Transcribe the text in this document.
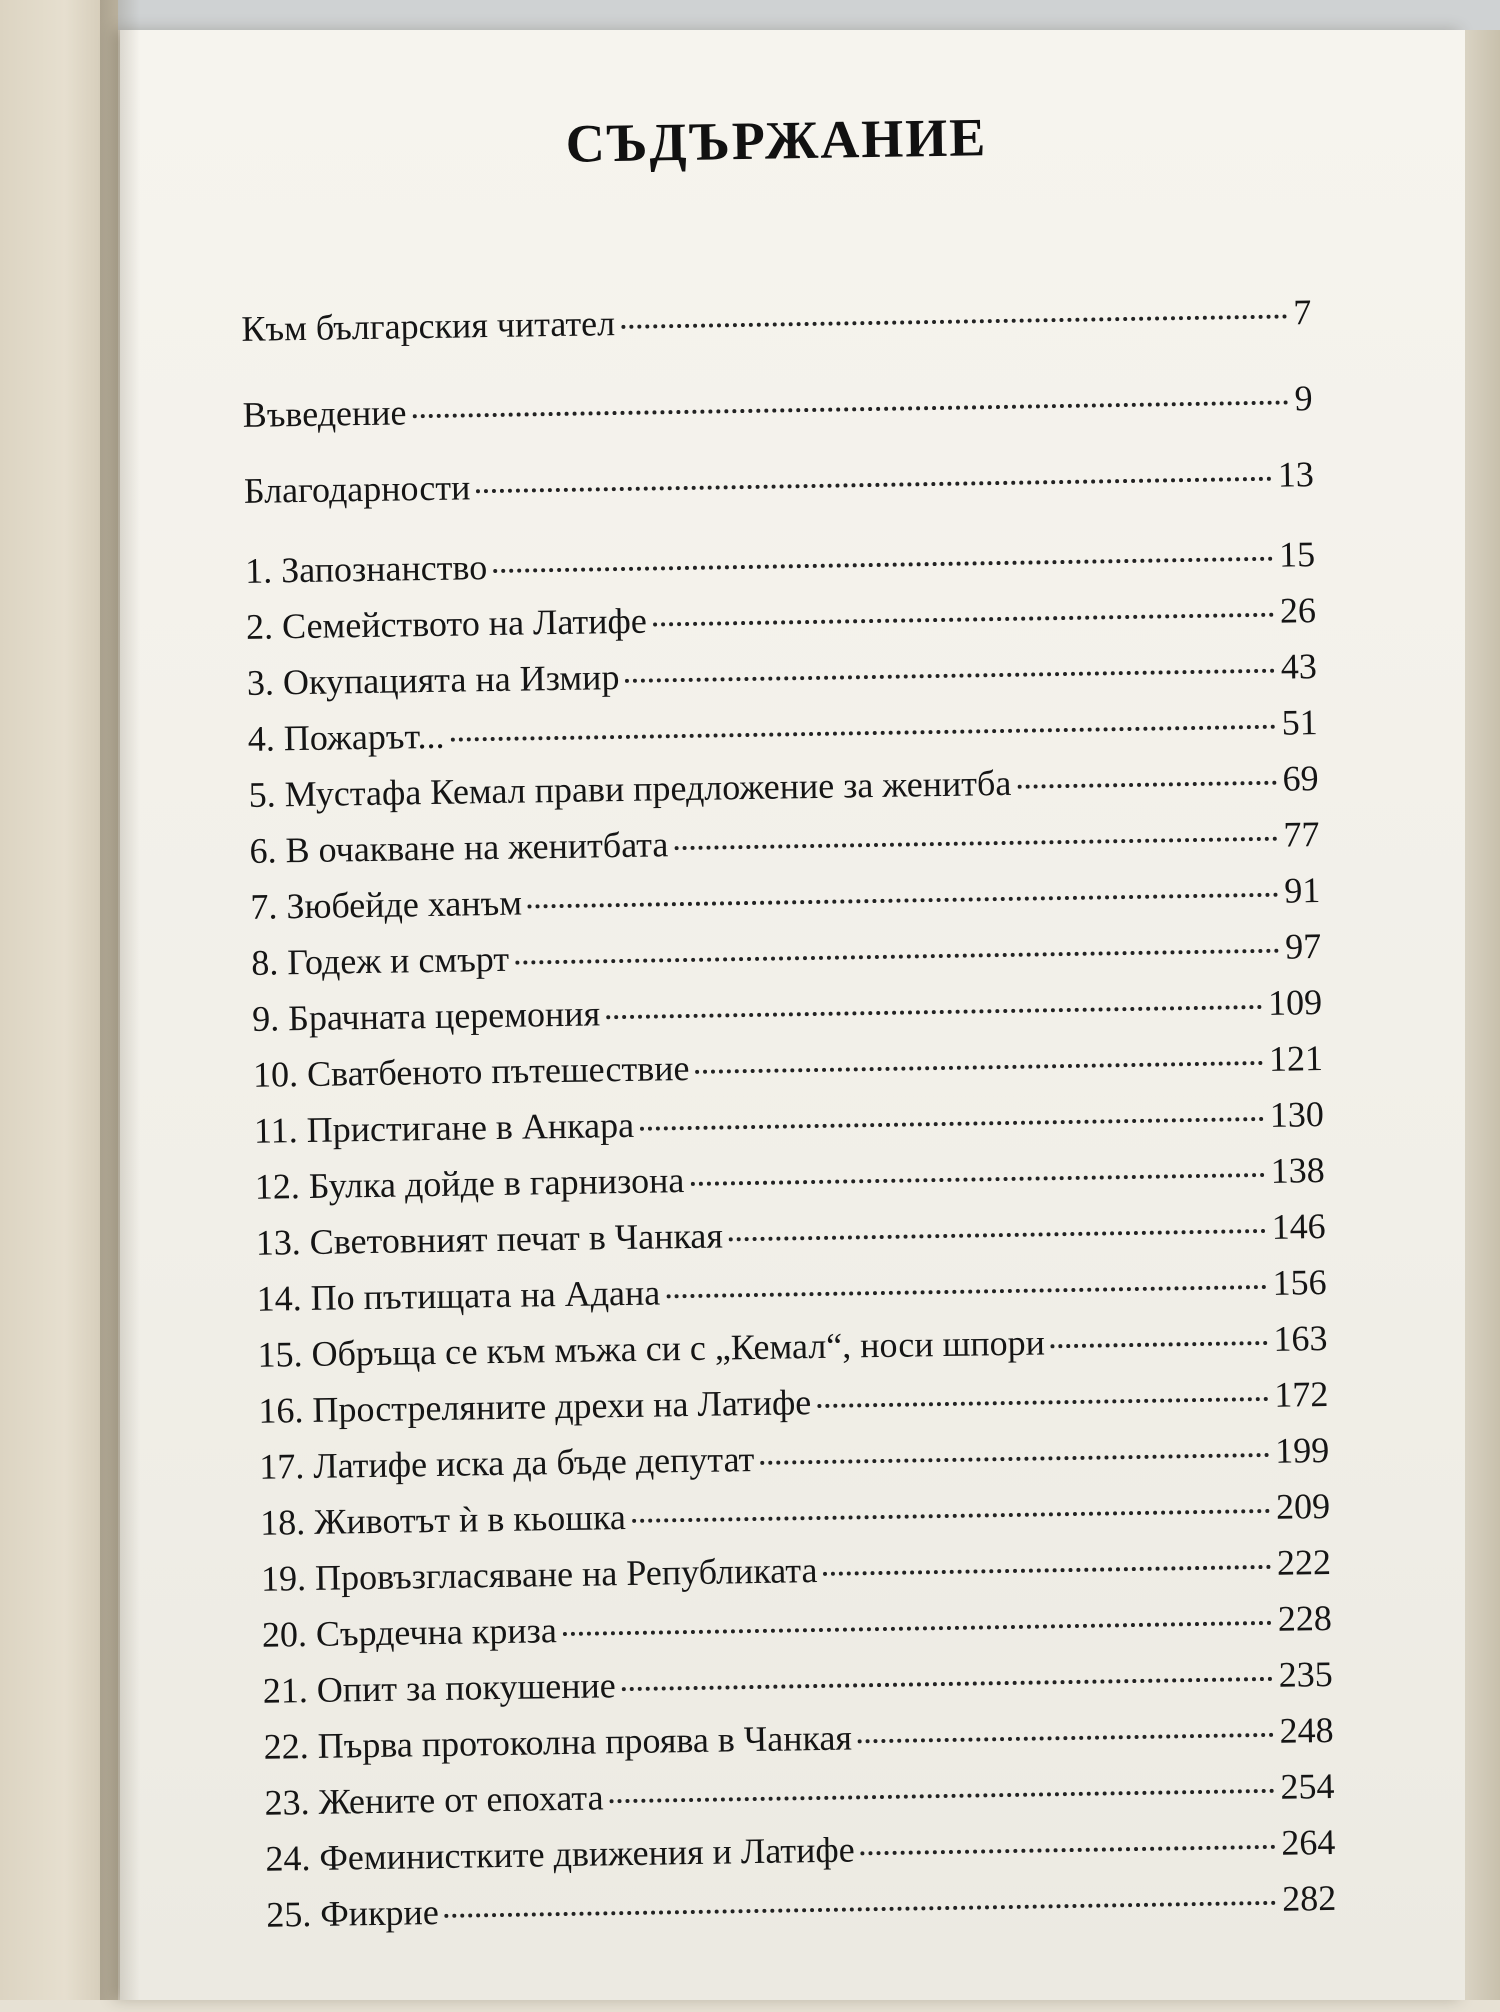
СЪДЪРЖАНИЕ
Към българския читател	7
Въведение	9
Благодарности	13
1. Запознанство	15
2. Семейството на Латифе	26
3. Окупацията на Измир	43
4. Пожарът...	51
5. Мустафа Кемал прави предложение за женитба	69
6. В очакване на женитбата	77
7. Зюбейде ханъм	91
8. Годеж и смърт	97
9. Брачната церемония	109
10. Сватбеното пътешествие	121
11. Пристигане в Анкара	130
12. Булка дойде в гарнизона	138
13. Световният печат в Чанкая	146
14. По пътищата на Адана	156
15. Обръща се към мъжа си с „Кемал“, носи шпори	163
16. Простреляните дрехи на Латифе	172
17. Латифе иска да бъде депутат	199
18. Животът ѝ в кьошка	209
19. Провъзгласяване на Републиката	222
20. Сърдечна криза	228
21. Опит за покушение	235
22. Първа протоколна проява в Чанкая	248
23. Жените от епохата	254
24. Феминистките движения и Латифе	264
25. Фикрие	282
